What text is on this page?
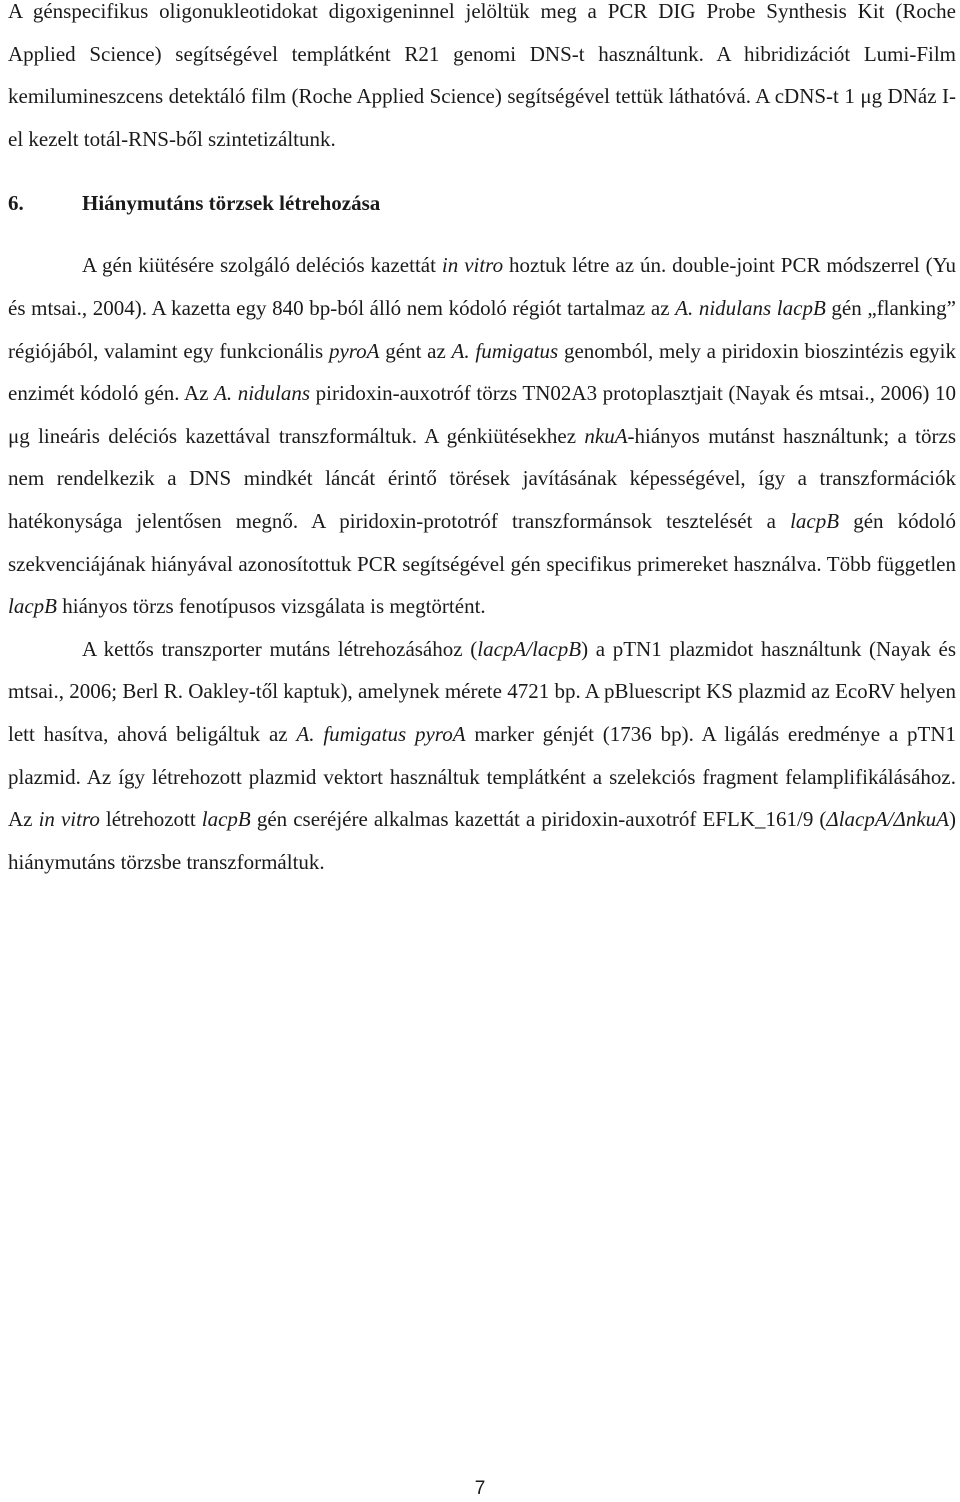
A génspecifikus oligonukleotidokat digoxigeninnel jelöltük meg a PCR DIG Probe Synthesis Kit (Roche Applied Science) segítségével templátként R21 genomi DNS-t használtunk. A hibridizációt Lumi-Film kemilumineszcens detektáló film (Roche Applied Science) segítségével tettük láthatóvá. A cDNS-t 1 μg DNáz I-el kezelt totál-RNS-ből szintetizáltunk.

6.	Hiánymutáns törzsek létrehozása

A gén kiütésére szolgáló deléciós kazettát in vitro hoztuk létre az ún. double-joint PCR módszerrel (Yu és mtsai., 2004). A kazetta egy 840 bp-ból álló nem kódoló régiót tartalmaz az A. nidulans lacpB gén „flanking” régiójából, valamint egy funkcionális pyroA gént az A. fumigatus genomból, mely a piridoxin bioszintézis egyik enzimét kódoló gén. Az A. nidulans piridoxin-auxotróf törzs TN02A3 protoplasztjait (Nayak és mtsai., 2006) 10 μg lineáris deléciós kazettával transzformáltuk. A génkiütésekhez nkuA-hiányos mutánst használtunk; a törzs nem rendelkezik a DNS mindkét láncát érintő törések javításának képességével, így a transzformációk hatékonysága jelentősen megnő. A piridoxin-prototróf transzformánsok tesztelését a lacpB gén kódoló szekvenciájának hiányával azonosítottuk PCR segítségével gén specifikus primereket használva. Több független lacpB hiányos törzs fenotípusos vizsgálata is megtörtént.

A kettős transzporter mutáns létrehozásához (lacpA/lacpB) a pTN1 plazmidot használtunk (Nayak és mtsai., 2006; Berl R. Oakley-től kaptuk), amelynek mérete 4721 bp. A pBluescript KS plazmid az EcoRV helyen lett hasítva, ahová beligáltuk az A. fumigatus pyroA marker génjét (1736 bp). A ligálás eredménye a pTN1 plazmid. Az így létrehozott plazmid vektort használtuk templátként a szelekciós fragment felamplifikálásához. Az in vitro létrehozott lacpB gén cseréjére alkalmas kazettát a piridoxin-auxotróf EFLK_161/9 (ΔlacpA/ΔnkuA) hiánymutáns törzsbe transzformáltuk.

7
